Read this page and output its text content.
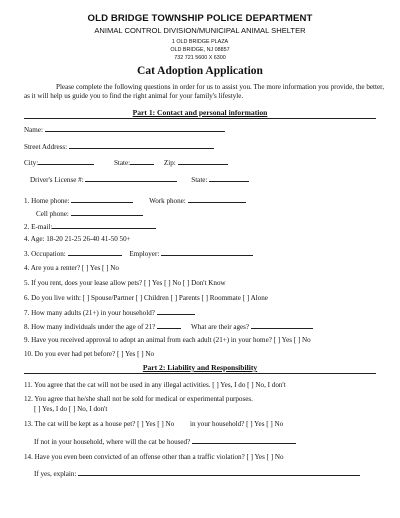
OLD BRIDGE TOWNSHIP POLICE DEPARTMENT
ANIMAL CONTROL DIVISION/MUNICIPAL ANIMAL SHELTER
1 OLD BRIDGE PLAZA
OLD BRIDGE, NJ 08857
732 721 5600 X 6300
Cat Adoption Application
Please complete the following questions in order for us to assist you. The more information you provide, the better, as it will help us guide you to find the right animal for your family's lifestyle.
Part 1: Contact and personal information
Name:
Street Address:
City:	State:	Zip:
Driver's License #:	State:
1. Home phone:	Work phone:
Cell phone:
2. E-mail:
4. Age: 18-20 21-25 26-40 41-50 50+
3. Occupation:	Employer:
4. Are you a renter? [ ] Yes [ ] No
5. If you rent, does your lease allow pets? [ ] Yes [ ] No [ ] Don't Know
6. Do you live with: [ ] Spouse/Partner [ ] Children [ ] Parents [ ] Roommate [ ] Alone
7. How many adults (21+) in your household?
8. How many individuals under the age of 21?	What are their ages?
9. Have you received approval to adopt an animal from each adult (21+) in your home? [ ] Yes [ ] No
10. Do you ever had pet before? [ ] Yes [ ] No
Part 2: Liability and Responsibility
11. You agree that the cat will not be used in any illegal activities. [ ] Yes, I do [ ] No, I don't
12. You agree that he/she shall not be sold for medical or experimental purposes.
[ ] Yes, I do [ ] No, I don't
13. The cat will be kept as a house pet? [ ] Yes [ ] No in your household? [ ] Yes [ ] No
If not in your household, where will the cat be housed?
14. Have you even been convicted of an offense other than a traffic violation? [ ] Yes [ ] No
If yes, explain:
